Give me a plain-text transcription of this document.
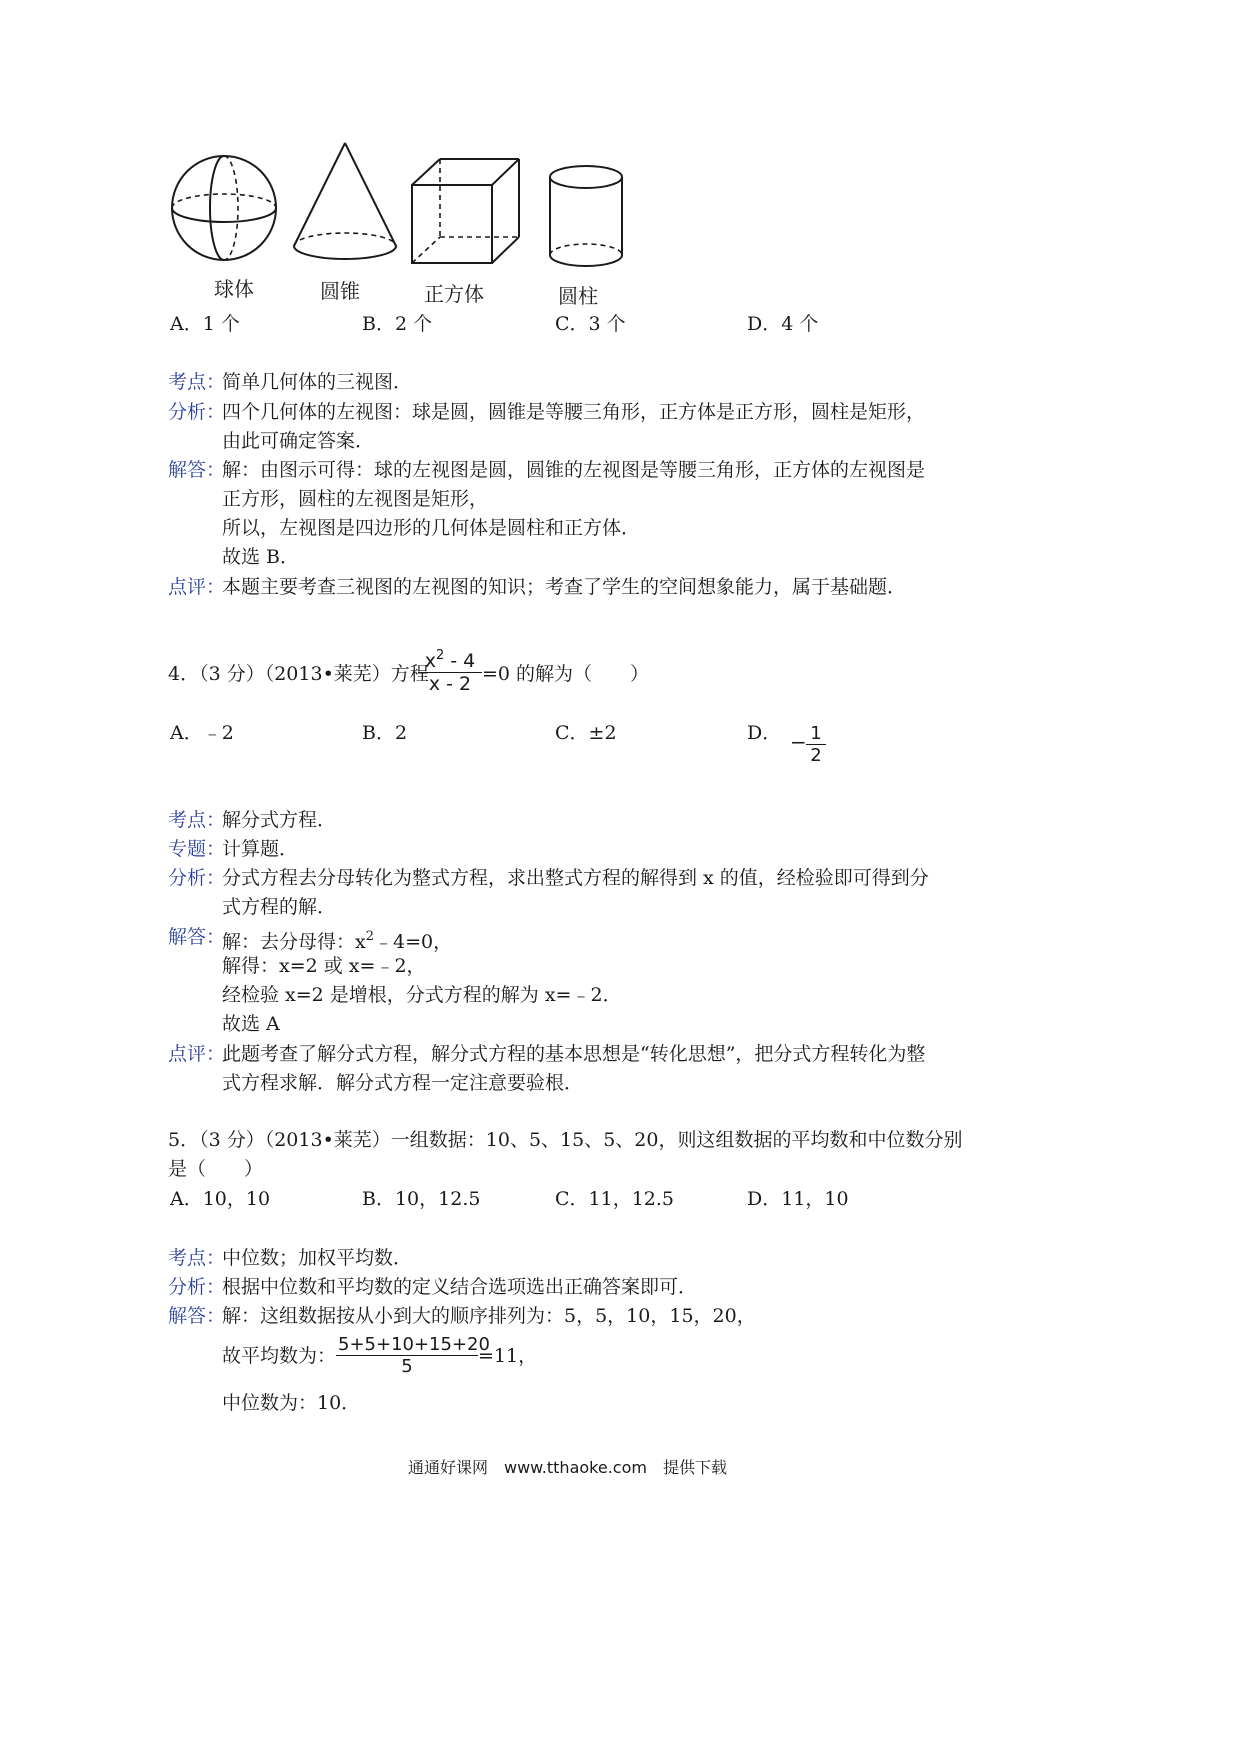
球体	圆锥	正方体	圆柱
A．1 个	B．2 个	C．3 个	D．4 个
考点：
简单几何体的三视图．
分析：
四个几何体的左视图：球是圆，圆锥是等腰三角形，正方体是正方形，圆柱是矩形，
由此可确定答案．
解答：
解：由图示可得：球的左视图是圆，圆锥的左视图是等腰三角形，正方体的左视图是
正方形，圆柱的左视图是矩形，
所以，左视图是四边形的几何体是圆柱和正方体．
故选 B．
点评：
本题主要考查三视图的左视图的知识；考查了学生的空间想象能力，属于基础题．
4．（3 分）（2013•莱芜）方程
$x^2 - 4$
x - 2 =0 的解为（　　）
A．﹣2	B．2	C．±2	D． − 1
2
考点：
解分式方程．
专题：
计算题．
分析：
分式方程去分母转化为整式方程，求出整式方程的解得到 x 的值，经检验即可得到分
式方程的解．
解答：
解：去分母得：$x^2﹣4=0$，
解得：x=2 或 x=﹣2，
经检验 x=2 是增根，分式方程的解为 x=﹣2．
故选 A
点评：
此题考查了解分式方程，解分式方程的基本思想是“转化思想”，把分式方程转化为整
式方程求解．解分式方程一定注意要验根．
5．（3 分）（2013•莱芜）一组数据：10、5、15、5、20，则这组数据的平均数和中位数分别
是（　　）
A．10，10	B．10，12.5	C．11，12.5	D．11，10
考点：
中位数；加权平均数．
分析：
根据中位数和平均数的定义结合选项选出正确答案即可．
解答：
解：这组数据按从小到大的顺序排列为：5，5，10，15，20，
故平均数为：
5+5+10+15+20
5	=11，
中位数为：10．
通通好课网　www.tthaoke.com　提供下载
